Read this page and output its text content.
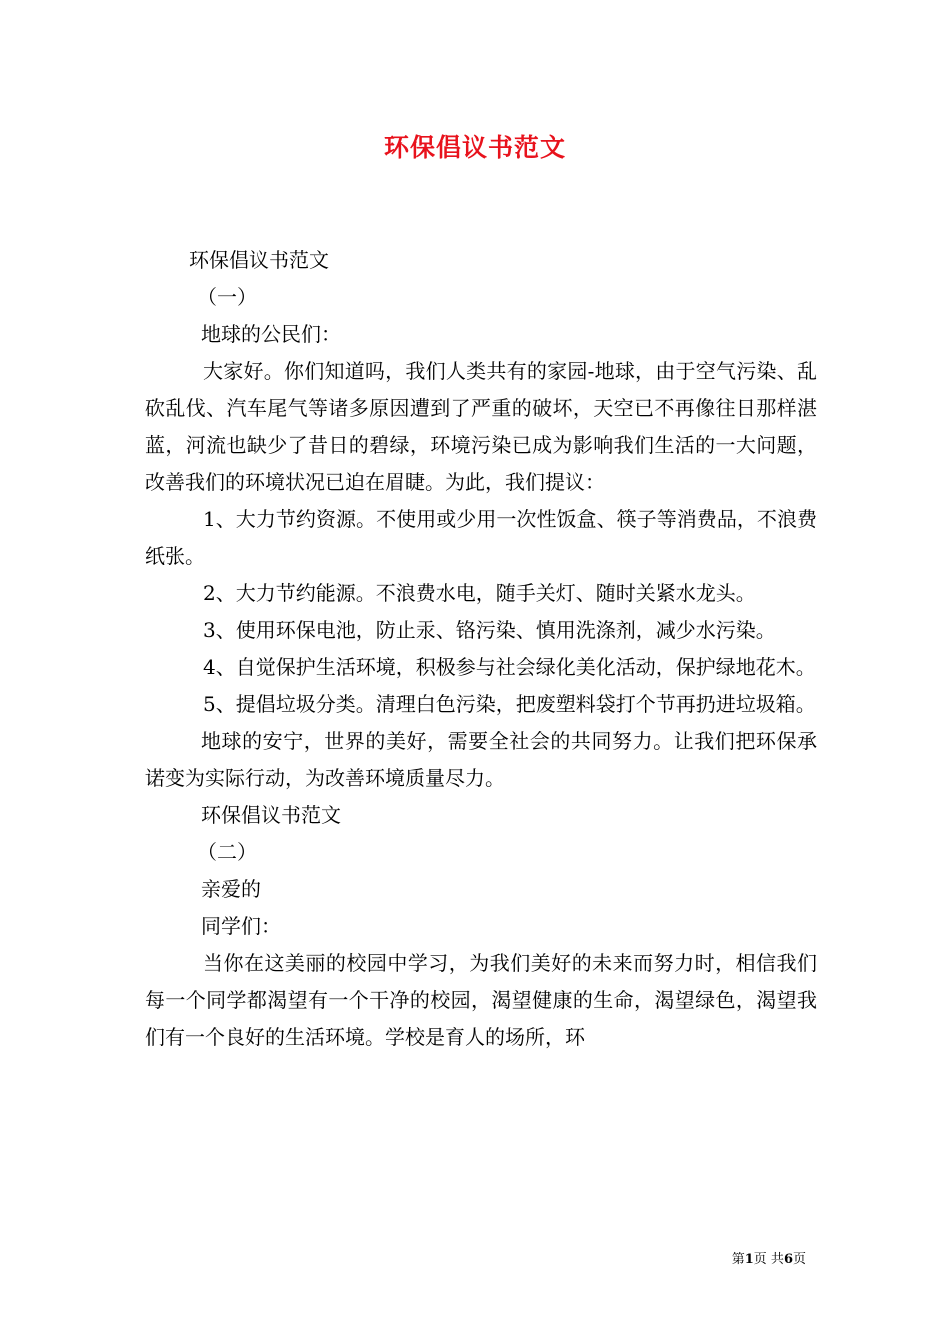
环保倡议书范文

环保倡议书范文

（一）

地球的公民们：

大家好。你们知道吗，我们人类共有的家园-地球，由于空气污染、乱砍乱伐、汽车尾气等诸多原因遭到了严重的破坏，天空已不再像往日那样湛蓝，河流也缺少了昔日的碧绿，环境污染已成为影响我们生活的一大问题，改善我们的环境状况已迫在眉睫。为此，我们提议：

1、大力节约资源。不使用或少用一次性饭盒、筷子等消费品，不浪费纸张。

2、大力节约能源。不浪费水电，随手关灯、随时关紧水龙头。

3、使用环保电池，防止汞、铬污染、慎用洗涤剂，减少水污染。

4、自觉保护生活环境，积极参与社会绿化美化活动，保护绿地花木。

5、提倡垃圾分类。清理白色污染，把废塑料袋打个节再扔进垃圾箱。

地球的安宁，世界的美好，需要全社会的共同努力。让我们把环保承诺变为实际行动，为改善环境质量尽力。

环保倡议书范文

（二）

亲爱的

同学们：

当你在这美丽的校园中学习，为我们美好的未来而努力时，相信我们每一个同学都渴望有一个干净的校园，渴望健康的生命，渴望绿色，渴望我们有一个良好的生活环境。学校是育人的场所，环

第1页 共6页
